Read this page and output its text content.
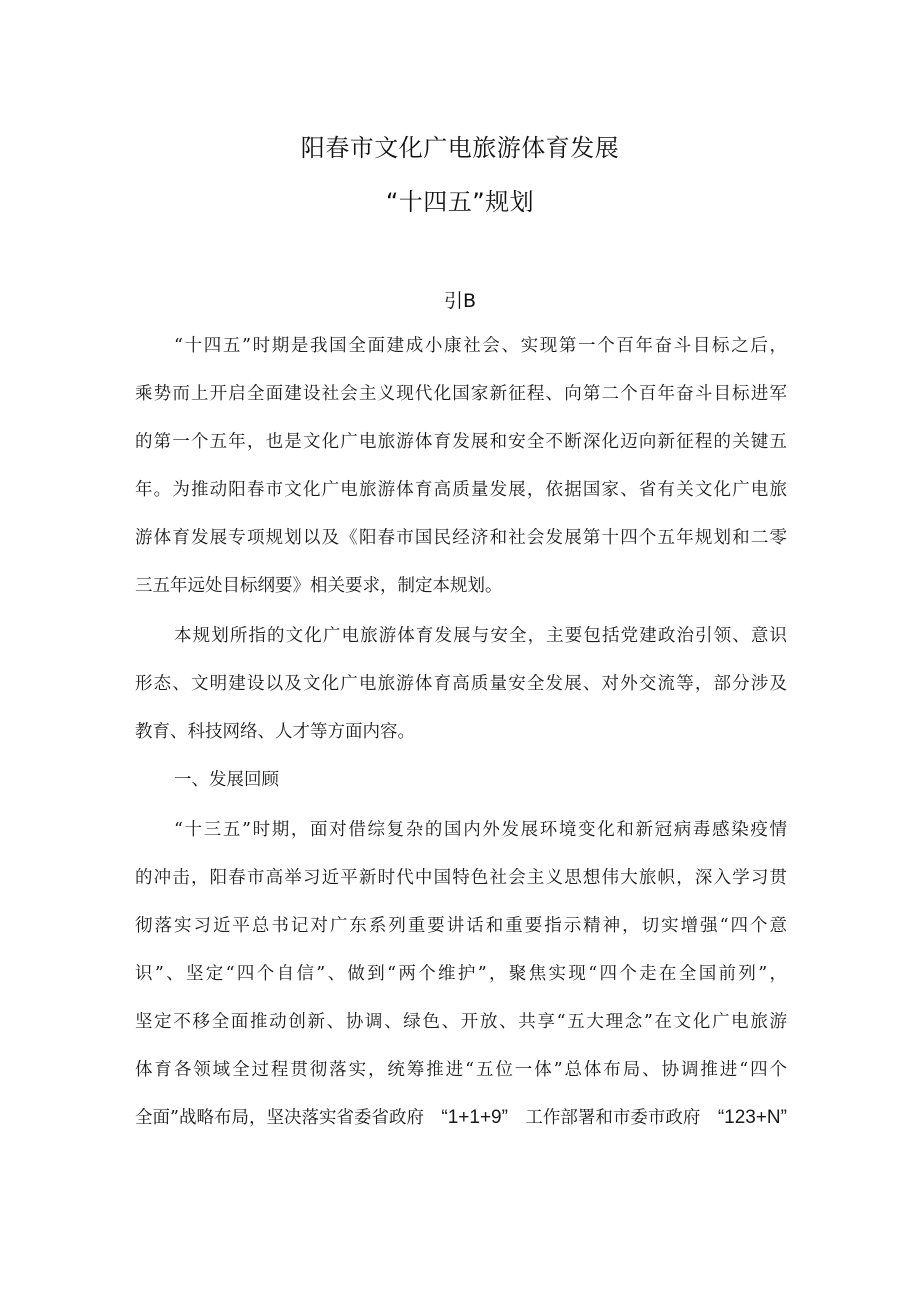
阳春市文化广电旅游体育发展
“十四五”规划
引B
“十四五”时期是我国全面建成小康社会、实现第一个百年奋斗目标之后，
乘势而上开启全面建设社会主义现代化国家新征程、向第二个百年奋斗目标进军
的第一个五年，也是文化广电旅游体育发展和安全不断深化迈向新征程的关键五
年。为推动阳春市文化广电旅游体育高质量发展，依据国家、省有关文化广电旅
游体育发展专项规划以及《阳春市国民经济和社会发展第十四个五年规划和二零
三五年远处目标纲要》相关要求，制定本规划。
本规划所指的文化广电旅游体育发展与安全，主要包括党建政治引领、意识
形态、文明建设以及文化广电旅游体育高质量安全发展、对外交流等，部分涉及
教育、科技网络、人才等方面内容。
一、发展回顾
“十三五”时期，面对借综复杂的国内外发展环境变化和新冠病毒感染疫情
的冲击，阳春市高举习近平新时代中国特色社会主义思想伟大旅帜，深入学习贯
彻落实习近平总书记对广东系列重要讲话和重要指示精神，切实增强“四个意
识”、坚定“四个自信”、做到“两个维护”，聚焦实现“四个走在全国前列”，
坚定不移全面推动创新、协调、绿色、开放、共享“五大理念”在文化广电旅游
体育各领域全过程贯彻落实，统筹推进“五位一体”总体布局、协调推进“四个
全面”战略布局，坚决落实省委省政府 “1+1+9” 工作部署和市委市政府 “123+N”
